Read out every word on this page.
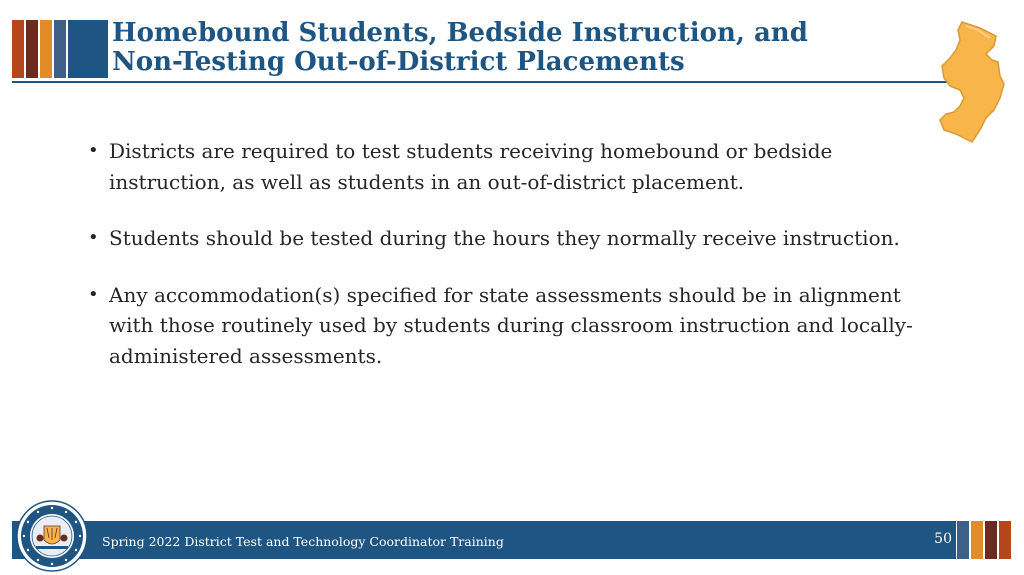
Homebound Students, Bedside Instruction, and
Non-Testing Out-of-District Placements
• Districts are required to test students receiving homebound or bedside instruction, as well as students in an out-of-district placement.
• Students should be tested during the hours they normally receive instruction.
• Any accommodation(s) specified for state assessments should be in alignment with those routinely used by students during classroom instruction and locally-administered assessments.
Spring 2022 District Test and Technology Coordinator Training	50
